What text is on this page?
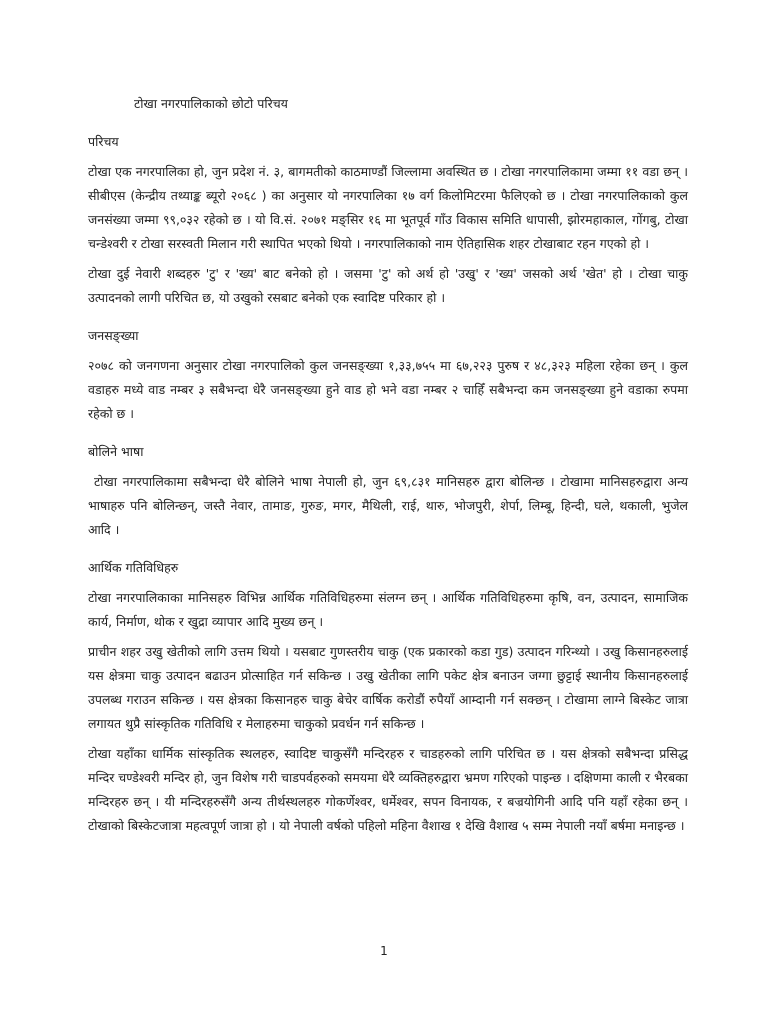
टोखा नगरपालिकाको छोटो परिचय
परिचय

टोखा एक नगरपालिका हो, जुन प्रदेश नं. ३, बागमतीको काठमाण्डौं जिल्लामा अवस्थित छ । टोखा नगरपालिकामा जम्मा ११ वडा छन् । सीबीएस (केन्द्रीय तथ्याङ्क ब्यूरो २०६८ ) का अनुसार यो नगरपालिका १७ वर्ग किलोमिटरमा फैलिएको छ । टोखा नगरपालिकाको कुल जनसंख्या जम्मा ९९,०३२ रहेको छ । यो वि.सं. २०७१ मङ्सिर १६ मा भूतपूर्व गाँउ विकास समिति धापासी, झोरमहाकाल, गोंगबु, टोखा चन्डेश्वरी र टोखा सरस्वती मिलान गरी स्थापित भएको थियो । नगरपालिकाको नाम ऐतिहासिक शहर टोखाबाट रहन गएको हो ।

टोखा दुई नेवारी शब्दहरु 'टु' र 'ख्य' बाट बनेको हो । जसमा 'टु' को अर्थ हो 'उखु' र 'ख्य' जसको अर्थ 'खेत' हो । टोखा चाकु उत्पादनको लागी परिचित छ, यो उखुको रसबाट बनेको एक स्वादिष्ट परिकार हो ।

जनसङ्ख्या

२०७८ को जनगणना अनुसार टोखा नगरपालिको कुल जनसङ्ख्या १,३३,७५५ मा ६७,२२३ पुरुष र ४८,३२३ महिला रहेका छन् । कुल वडाहरु मध्ये वाड नम्बर ३ सबैभन्दा धेरै जनसङ्ख्या हुने वाड हो भने वडा नम्बर २ चाहिँ सबैभन्दा कम जनसङ्ख्या हुने वडाका रुपमा रहेको छ ।

बोलिने भाषा

टोखा नगरपालिकामा सबैभन्दा धेरै बोलिने भाषा नेपाली हो, जुन ६९,८३१ मानिसहरु द्वारा बोलिन्छ । टोखामा मानिसहरुद्वारा अन्य भाषाहरु पनि बोलिन्छन्, जस्तै नेवार, तामाङ, गुरुङ, मगर, मैथिली, राई, थारु, भोजपुरी, शेर्पा, लिम्बू, हिन्दी, घले, थकाली, भुजेल आदि ।

आर्थिक गतिविधिहरु

टोखा नगरपालिकाका मानिसहरु विभिन्न आर्थिक गतिविधिहरुमा संलग्न छन् । आर्थिक गतिविधिहरुमा कृषि, वन, उत्पादन, सामाजिक कार्य, निर्माण, थोक र खुद्रा व्यापार आदि मुख्य छन् ।

प्राचीन शहर उखु खेतीको लागि उत्तम थियो । यसबाट गुणस्तरीय चाकु (एक प्रकारको कडा गुड) उत्पादन गरिन्थ्यो । उखु किसानहरुलाई यस क्षेत्रमा चाकु उत्पादन बढाउन प्रोत्साहित गर्न सकिन्छ । उखु खेतीका लागि पकेट क्षेत्र बनाउन जग्गा छुट्टाई स्थानीय किसानहरुलाई उपलब्ध गराउन सकिन्छ । यस क्षेत्रका किसानहरु चाकु बेचेर वार्षिक करोडौं रुपैयाँ आम्दानी गर्न सक्छन् । टोखामा लाग्ने बिस्केट जात्रा लगायत थुप्रै सांस्कृतिक गतिविधि र मेलाहरुमा चाकुको प्रवर्धन गर्न सकिन्छ ।

टोखा यहाँका धार्मिक सांस्कृतिक स्थलहरु, स्वादिष्ट चाकुसँगै मन्दिरहरु र चाडहरुको लागि परिचित छ । यस क्षेत्रको सबैभन्दा प्रसिद्ध मन्दिर चण्डेश्वरी मन्दिर हो, जुन विशेष गरी चाडपर्वहरुको समयमा धेरै व्यक्तिहरुद्वारा भ्रमण गरिएको पाइन्छ । दक्षिणमा काली र भैरबका मन्दिरहरु छन् । यी मन्दिरहरुसँगै अन्य तीर्थस्थलहरु गोकर्णेश्वर, धर्मेश्वर, सपन विनायक, र बज्रयोगिनी आदि पनि यहाँ रहेका छन् । टोखाको बिस्केटजात्रा महत्वपूर्ण जात्रा हो । यो नेपाली वर्षको पहिलो महिना वैशाख १ देखि वैशाख ५ सम्म नेपाली नयाँ बर्षमा मनाइन्छ ।

1
